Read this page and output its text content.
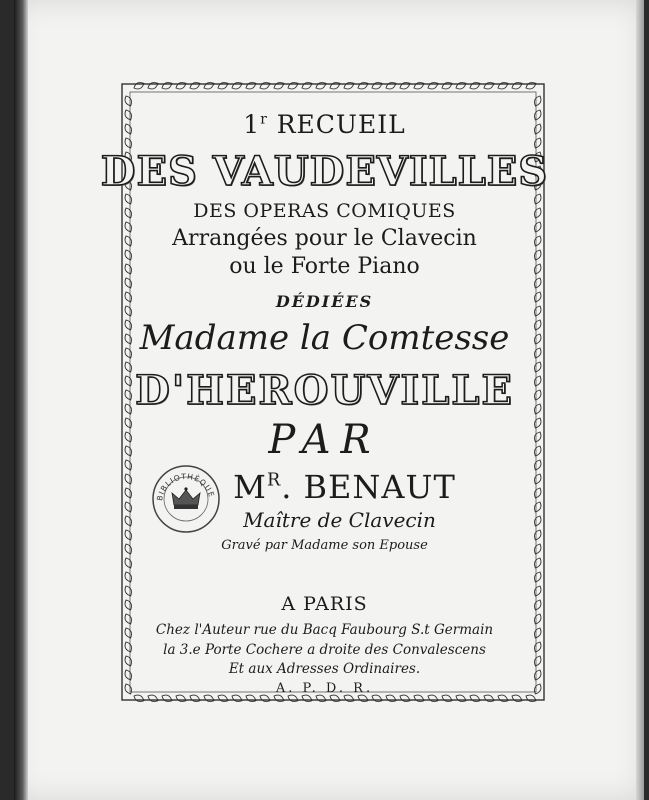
1$^r$ RECUEIL
DES VAUDEVILLES
DES OPERAS COMIQUES
Arrangées pour le Clavecin
ou le Forte Piano
DÉDIÉES
Madame la Comtesse
D'HEROUVILLE
PAR
$M^R$. BENAUT
Maître de Clavecin
Gravé par Madame son Epouse
A PARIS
Chez l'Auteur rue du Bacq Faubourg S.t Germain
la 3.e Porte Cochere a droite des Convalescens
Et aux Adresses Ordinaires.
A. P. D. R.
BIBLIOTHÈQUE
